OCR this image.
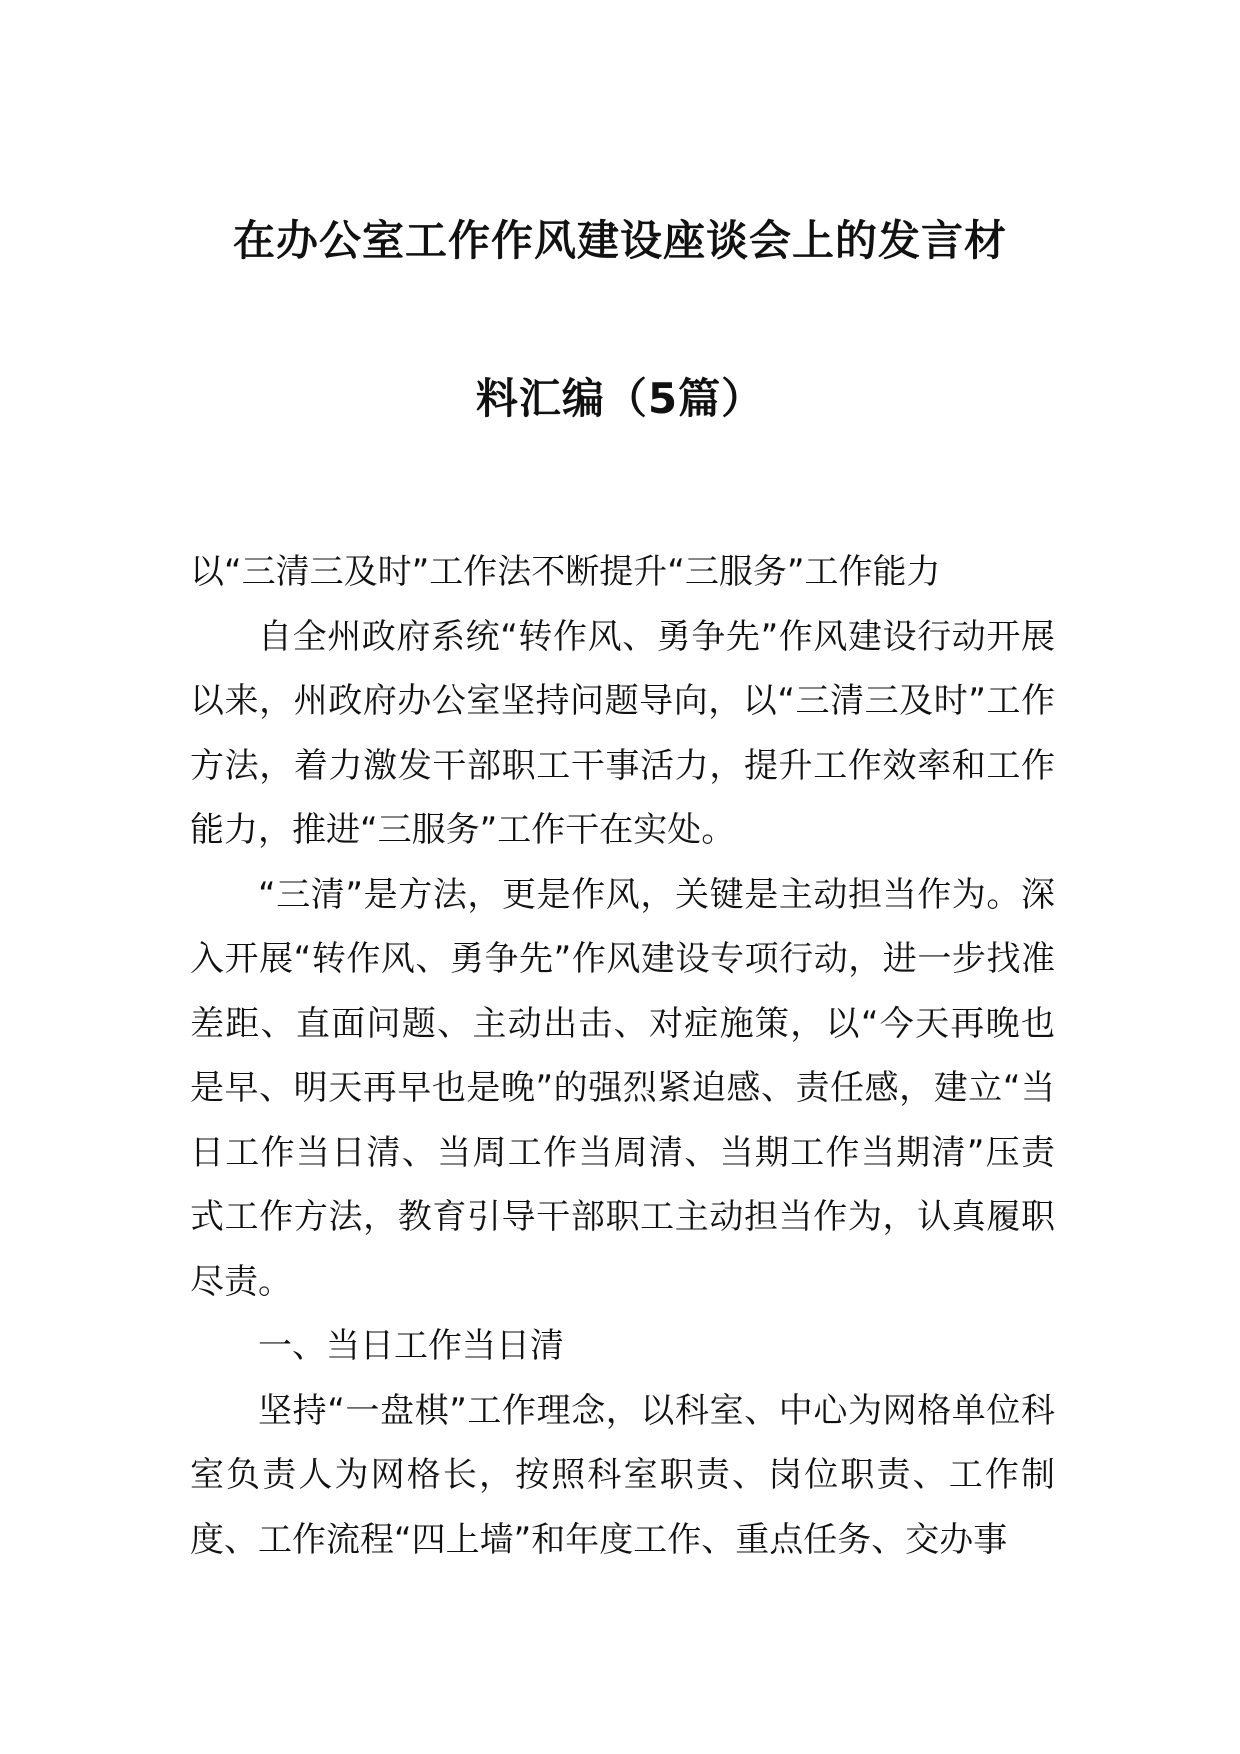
在办公室工作作风建设座谈会上的发言材
料汇编（5篇）

以“三清三及时”工作法不断提升“三服务”工作能力

自全州政府系统“转作风、勇争先”作风建设行动开展以来，州政府办公室坚持问题导向，以“三清三及时”工作方法，着力激发干部职工干事活力，提升工作效率和工作能力，推进“三服务”工作干在实处。

“三清”是方法，更是作风，关键是主动担当作为。深入开展“转作风、勇争先”作风建设专项行动，进一步找准差距、直面问题、主动出击、对症施策，以“今天再晚也是早、明天再早也是晚”的强烈紧迫感、责任感，建立“当日工作当日清、当周工作当周清、当期工作当期清”压责式工作方法，教育引导干部职工主动担当作为，认真履职尽责。

一、当日工作当日清

坚持“一盘棋”工作理念，以科室、中心为网格单位科室负责人为网格长，按照科室职责、岗位职责、工作制度、工作流程“四上墙”和年度工作、重点任务、交办事
